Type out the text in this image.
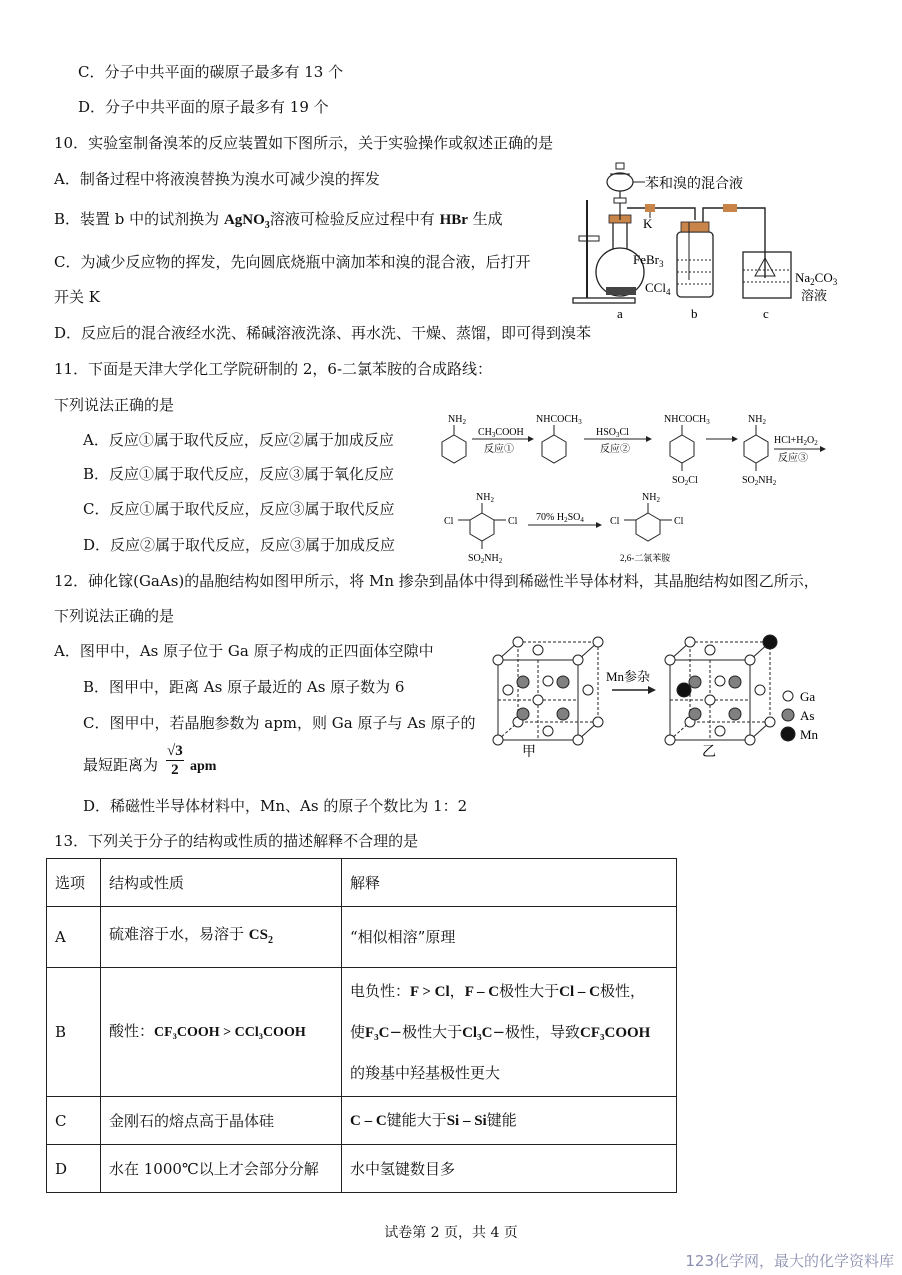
C．分子中共平面的碳原子最多有 13 个
D．分子中共平面的原子最多有 19 个
10．实验室制备溴苯的反应装置如下图所示，关于实验操作或叙述正确的是
A．制备过程中将液溴替换为溴水可减少溴的挥发
B．装置 b 中的试剂换为 AgNO$_3$溶液可检验反应过程中有 HBr 生成
C．为减少反应物的挥发，先向圆底烧瓶中滴加苯和溴的混合液，后打开
开关 K
D．反应后的混合液经水洗、稀碱溶液洗涤、再水洗、干燥、蒸馏，即可得到溴苯
苯和溴的混合液
K
FeBr$_3$
CCl$_4$
$Na_2CO_3$
溶液
a	b	c
11．下面是天津大学化工学院研制的 2，6-二氯苯胺的合成路线：
下列说法正确的是
A．反应①属于取代反应，反应②属于加成反应
B．反应①属于取代反应，反应③属于氧化反应
C．反应①属于取代反应，反应③属于取代反应
D．反应②属于取代反应，反应③属于加成反应
$NH_2$
$CH_3COOH$
反应①
$NHCOCH_3$
$HSO_3Cl$
反应②
$NHCOCH_3$
$SO_2Cl$
$NH_2$
$SO_2NH_2$
$HCl+H_2O_2$
反应③
$NH_2$
Cl	Cl
$SO_2NH_2$
70% $H_2SO_4$
$NH_2$
Cl	Cl
2,6-二氯苯胺
12．砷化镓(GaAs)的晶胞结构如图甲所示，将 Mn 掺杂到晶体中得到稀磁性半导体材料，其晶胞结构如图乙所示，
下列说法正确的是
A．图甲中，As 原子位于 Ga 原子构成的正四面体空隙中
B．图甲中，距离 As 原子最近的 As 原子数为 6
C．图甲中，若晶胞参数为 apm，则 Ga 原子与 As 原子的
最短距离为
√3
2 apm
D．稀磁性半导体材料中，Mn、As 的原子个数比为 1：2
Mn参杂
甲	乙
Ga
As
Mn
13．下列关于分子的结构或性质的描述解释不合理的是
选项	结构或性质	解释
A	硫难溶于水，易溶于 $CS_2$	“相似相溶”原理
B	酸性：CF₃COOH > CCl₃COOH	电负性：F > Cl，F – C极性大于Cl – C极性，
使F₃C−极性大于Cl₃C−极性，导致CF₃COOH
的羧基中羟基极性更大

C	金刚石的熔点高于晶体硅	C – C键能大于Si – Si键能
D	水在 1000℃以上才会部分分解	水中氢键数目多
试卷第 2 页，共 4 页
123化学网，最大的化学资料库
